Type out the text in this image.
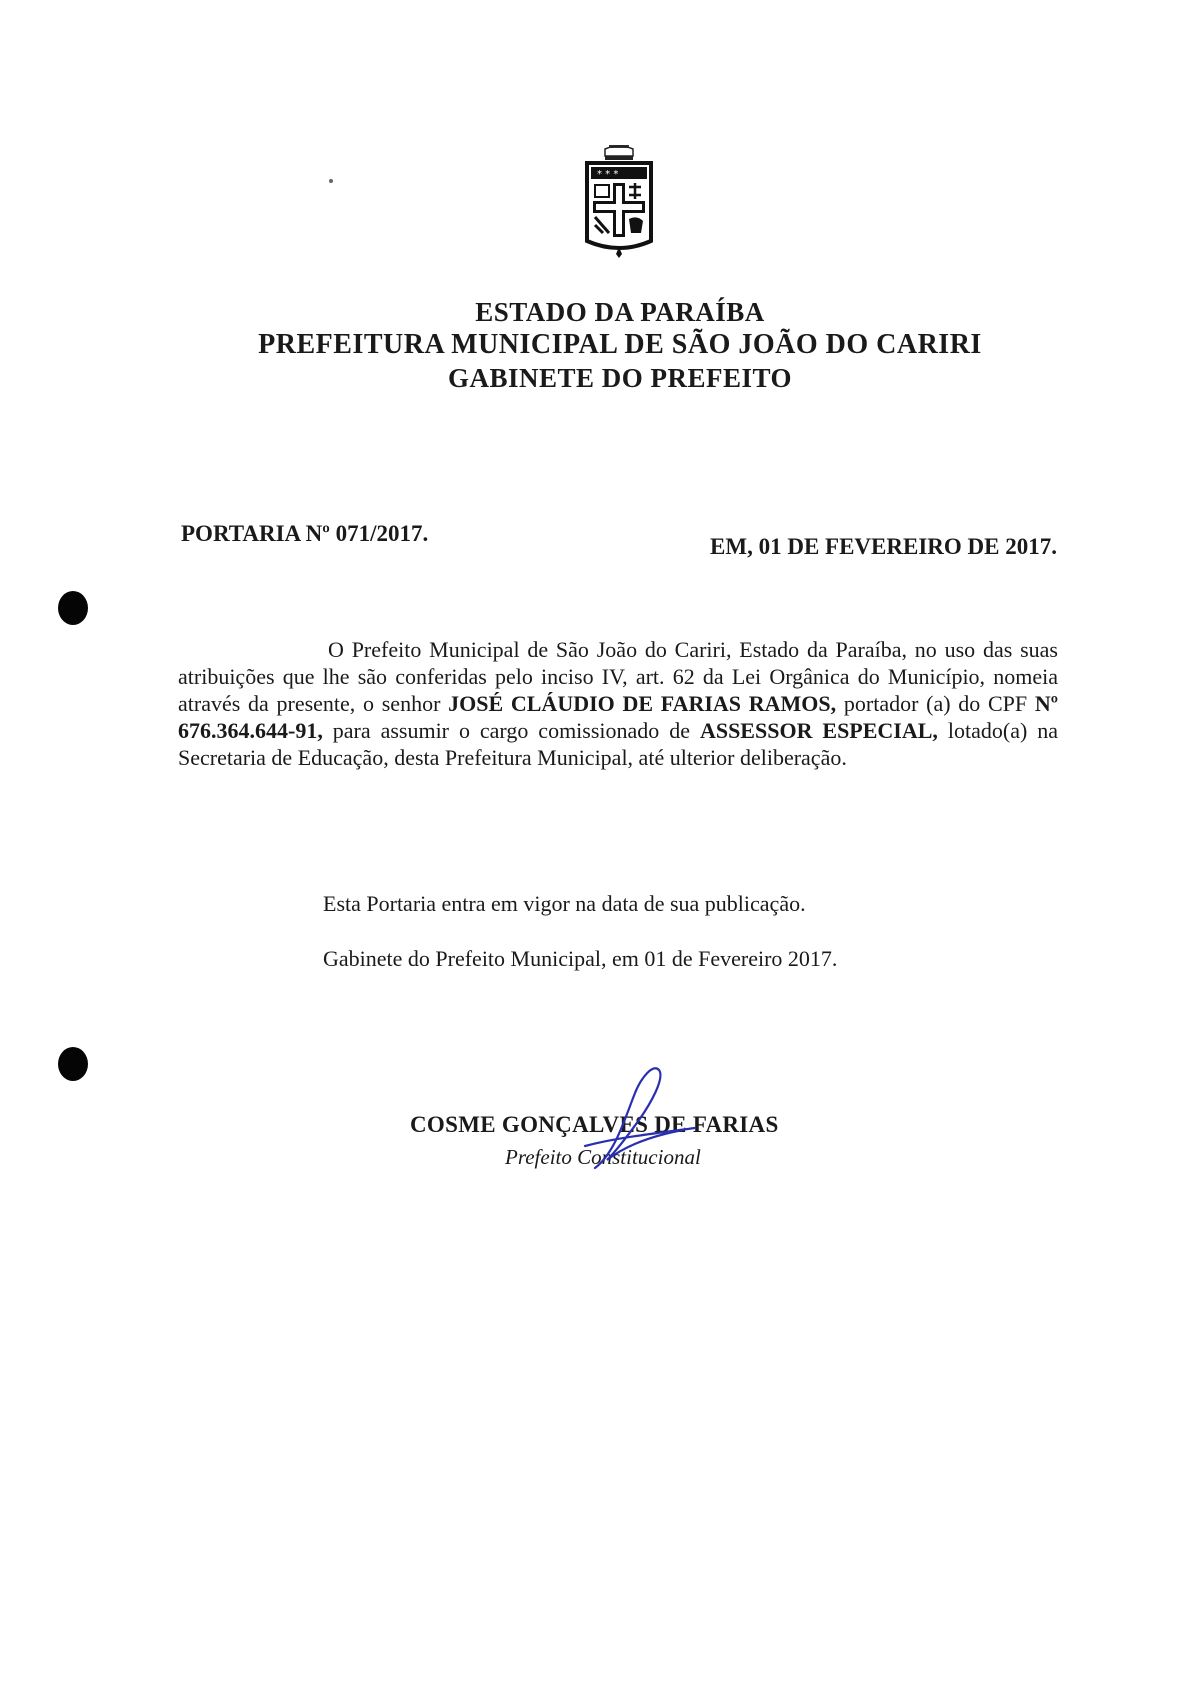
* * *
ESTADO DA PARAÍBA
PREFEITURA MUNICIPAL DE SÃO JOÃO DO CARIRI
GABINETE DO PREFEITO
PORTARIA Nº 071/2017.
EM, 01 DE FEVEREIRO DE 2017.
O Prefeito Municipal de São João do Cariri, Estado da Paraíba, no uso das suas atribuições que lhe são conferidas pelo inciso IV, art. 62 da Lei Orgânica do Município, nomeia através da presente, o senhor JOSÉ CLÁUDIO DE FARIAS RAMOS, portador (a) do CPF Nº 676.364.644-91, para assumir o cargo comissionado de ASSESSOR ESPECIAL, lotado(a) na Secretaria de Educação, desta Prefeitura Municipal, até ulterior deliberação.
Esta Portaria entra em vigor na data de sua publicação.
Gabinete do Prefeito Municipal, em 01 de Fevereiro 2017.
COSME GONÇALVES DE FARIAS
Prefeito Constitucional
